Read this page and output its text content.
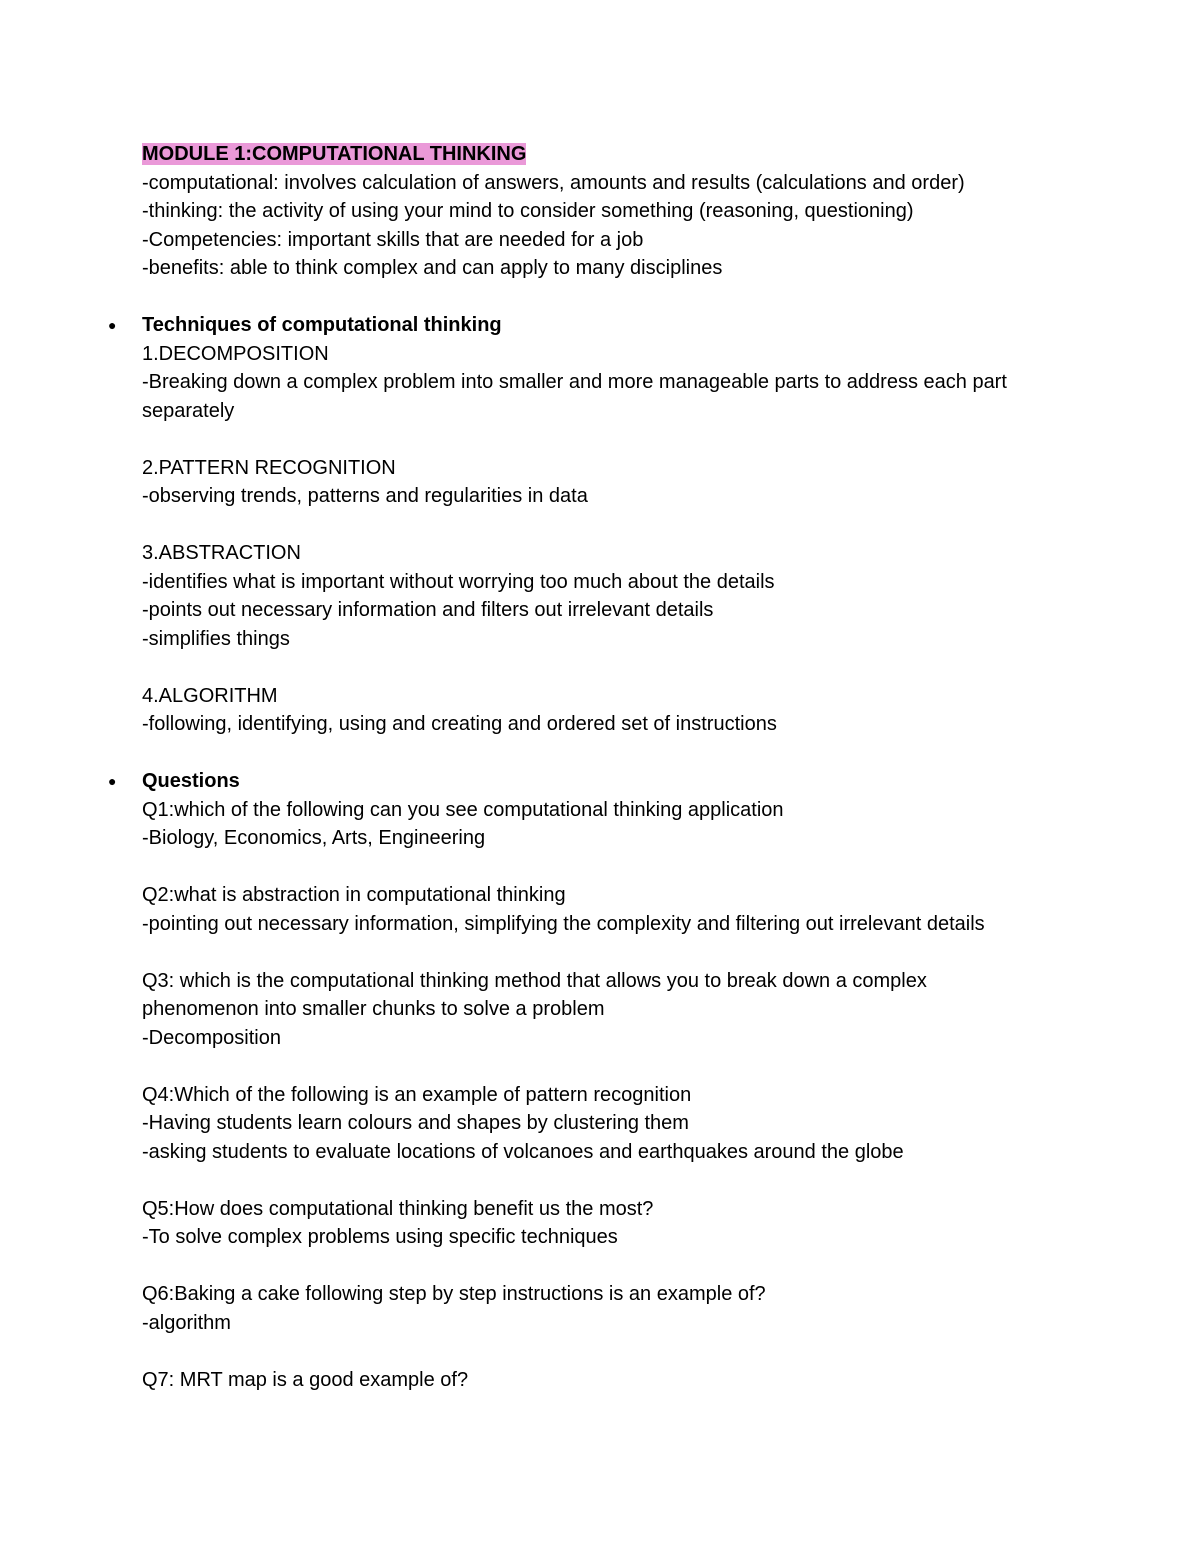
MODULE 1:COMPUTATIONAL THINKING
-computational: involves calculation of answers, amounts and results (calculations and order)
-thinking: the activity of using your mind to consider something (reasoning, questioning)
-Competencies: important skills that are needed for a job
-benefits: able to think complex and can apply to many disciplines
● Techniques of computational thinking
1.DECOMPOSITION
-Breaking down a complex problem into smaller and more manageable parts to address each part separately
2.PATTERN RECOGNITION
-observing trends, patterns and regularities in data
3.ABSTRACTION
-identifies what is important without worrying too much about the details
-points out necessary information and filters out irrelevant details
-simplifies things
4.ALGORITHM
-following, identifying, using and creating and ordered set of instructions
● Questions
Q1:which of the following can you see computational thinking application
-Biology, Economics, Arts, Engineering
Q2:what is abstraction in computational thinking
-pointing out necessary information, simplifying the complexity and filtering out irrelevant details
Q3: which is the computational thinking method that allows you to break down a complex
phenomenon into smaller chunks to solve a problem
-Decomposition
Q4:Which of the following is an example of pattern recognition
-Having students learn colours and shapes by clustering them
-asking students to evaluate locations of volcanoes and earthquakes around the globe
Q5:How does computational thinking benefit us the most?
-To solve complex problems using specific techniques
Q6:Baking a cake following step by step instructions is an example of?
-algorithm
Q7: MRT map is a good example of?
